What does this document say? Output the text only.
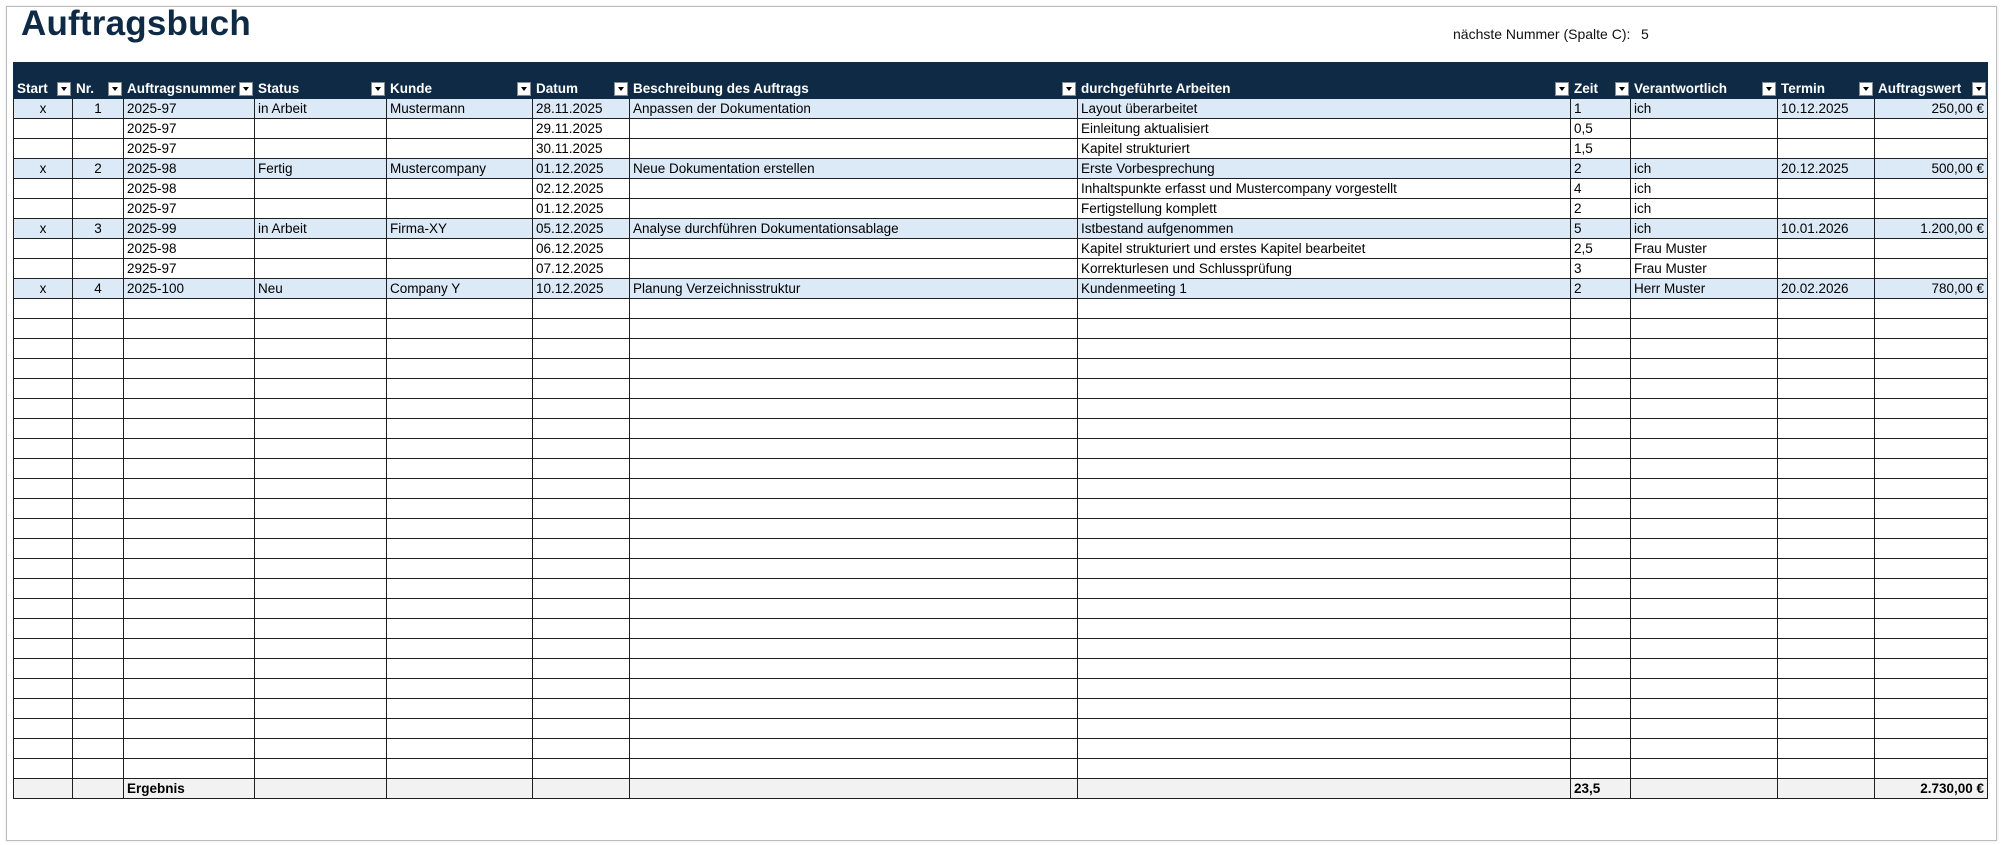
Auftragsbuch	nächste Nummer (Spalte C): 5
Start	Nr.	Auftragsnummer	Status	Kunde	Datum	Beschreibung des Auftrags	durchgeführte Arbeiten	Zeit	Verantwortlich	Termin	Auftragswert

x	1	2025-97	in Arbeit	Mustermann	28.11.2025	Anpassen der Dokumentation	Layout überarbeitet	1	ich	10.12.2025	250,00 €
		2025-97			29.11.2025		Einleitung aktualisiert	0,5			
		2025-97			30.11.2025		Kapitel strukturiert	1,5			
x	2	2025-98	Fertig	Mustercompany	01.12.2025	Neue Dokumentation erstellen	Erste Vorbesprechung	2	ich	20.12.2025	500,00 €
		2025-98			02.12.2025		Inhaltspunkte erfasst und Mustercompany vorgestellt	4	ich		
		2025-97			01.12.2025		Fertigstellung komplett	2	ich		
x	3	2025-99	in Arbeit	Firma-XY	05.12.2025	Analyse durchführen Dokumentationsablage	Istbestand aufgenommen	5	ich	10.01.2026	1.200,00 €
		2025-98			06.12.2025		Kapitel strukturiert und erstes Kapitel bearbeitet	2,5	Frau Muster		
		2925-97			07.12.2025		Korrekturlesen und Schlussprüfung	3	Frau Muster		
x	4	2025-100	Neu	Company Y	10.12.2025	Planung Verzeichnisstruktur	Kundenmeeting 1	2	Herr Muster	20.02.2026	780,00 €

		Ergebnis						23,5			2.730,00 €
